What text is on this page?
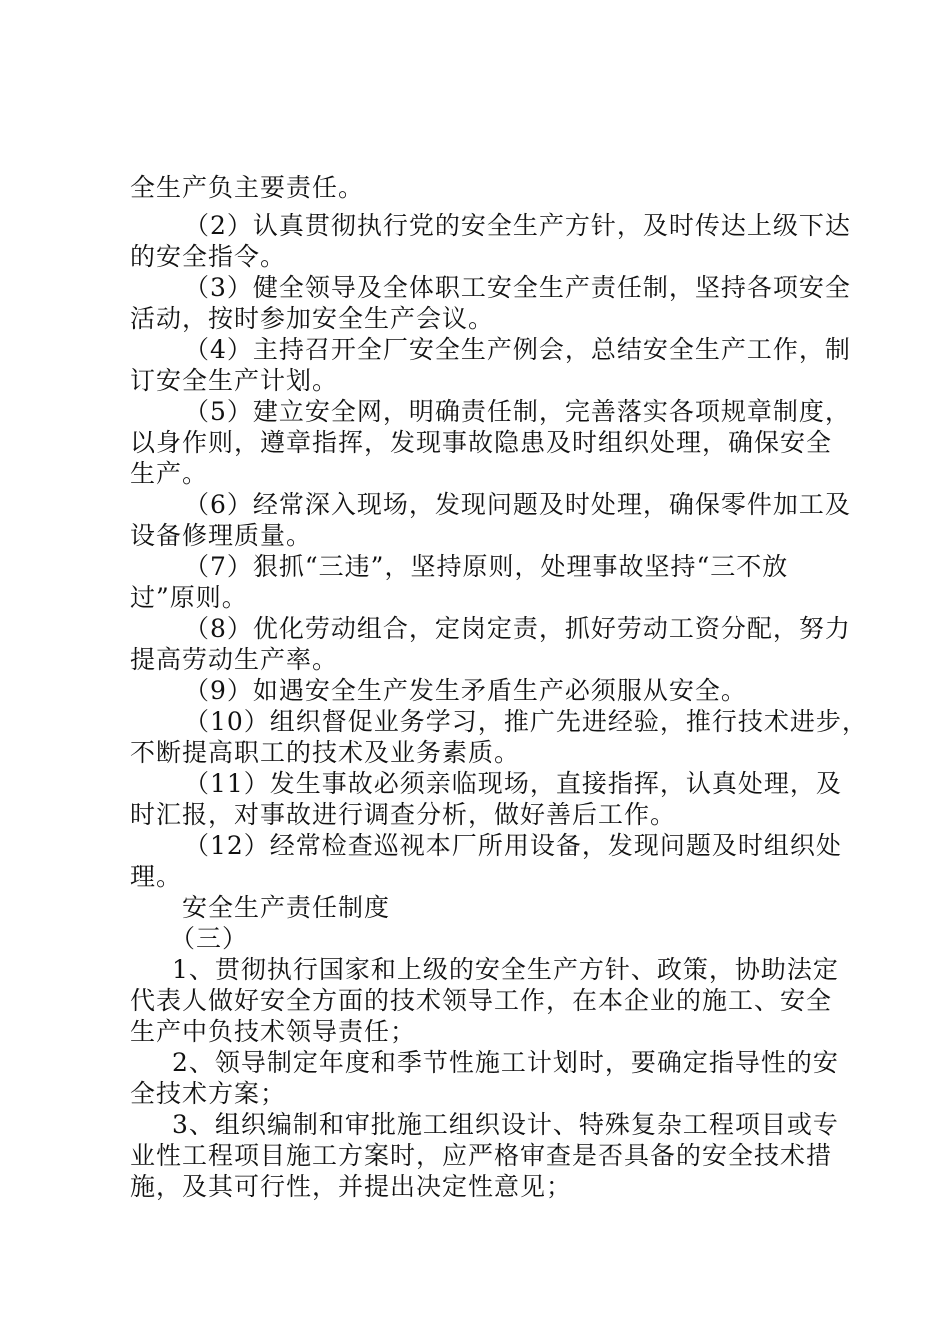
全生产负主要责任。
（2）认真贯彻执行党的安全生产方针，及时传达上级下达
的安全指令。
（3）健全领导及全体职工安全生产责任制，坚持各项安全
活动，按时参加安全生产会议。
（4）主持召开全厂安全生产例会，总结安全生产工作，制
订安全生产计划。
（5）建立安全网，明确责任制，完善落实各项规章制度，
以身作则，遵章指挥，发现事故隐患及时组织处理，确保安全
生产。
（6）经常深入现场，发现问题及时处理，确保零件加工及
设备修理质量。
（7）狠抓“三违”，坚持原则，处理事故坚持“三不放
过”原则。
（8）优化劳动组合，定岗定责，抓好劳动工资分配，努力
提高劳动生产率。
（9）如遇安全生产发生矛盾生产必须服从安全。
（10）组织督促业务学习，推广先进经验，推行技术进步，
不断提高职工的技术及业务素质。
（11）发生事故必须亲临现场，直接指挥，认真处理，及
时汇报，对事故进行调查分析，做好善后工作。
（12）经常检查巡视本厂所用设备，发现问题及时组织处
理。
安全生产责任制度
（三）
1、贯彻执行国家和上级的安全生产方针、政策，协助法定
代表人做好安全方面的技术领导工作，在本企业的施工、安全
生产中负技术领导责任；
2、领导制定年度和季节性施工计划时，要确定指导性的安
全技术方案；
3、组织编制和审批施工组织设计、特殊复杂工程项目或专
业性工程项目施工方案时，应严格审查是否具备的安全技术措
施，及其可行性，并提出决定性意见；
